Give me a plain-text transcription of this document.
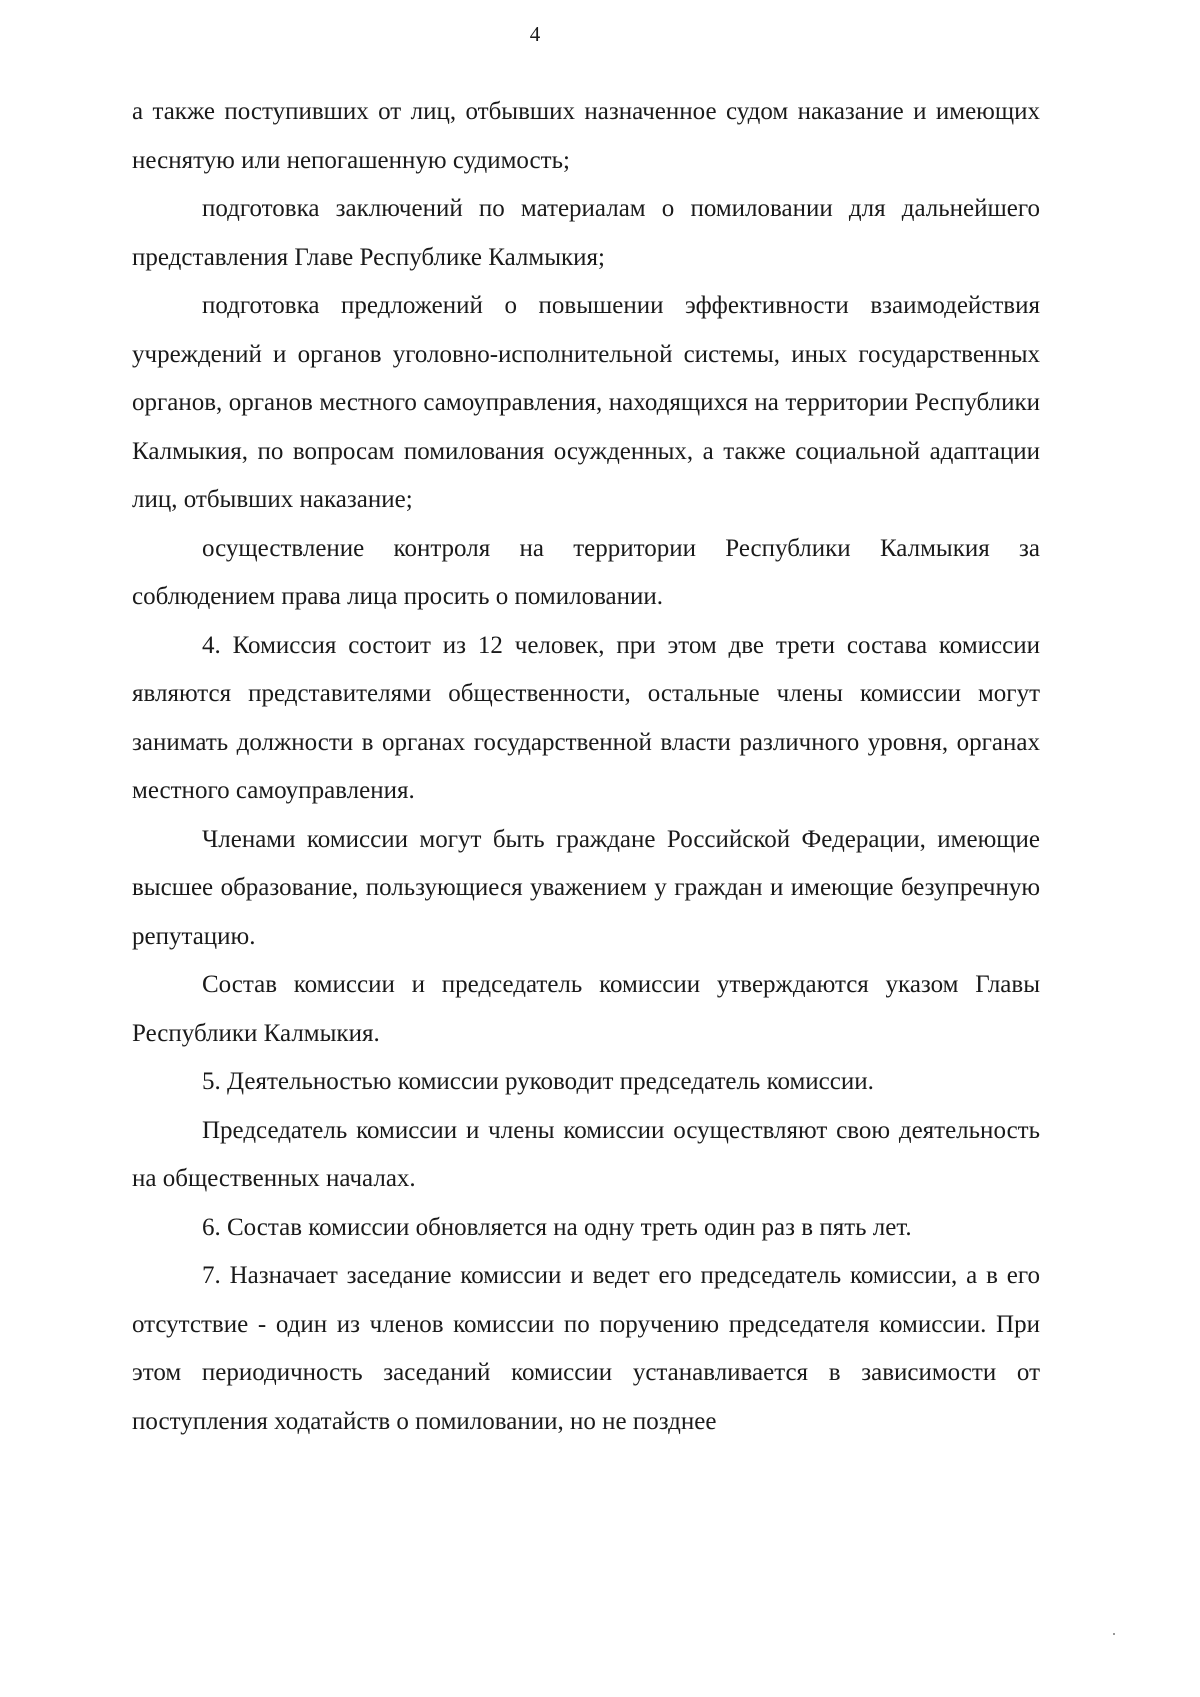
4

а также поступивших от лиц, отбывших назначенное судом наказание и имеющих неснятую или непогашенную судимость;

подготовка заключений по материалам о помиловании для дальнейшего представления Главе Республике Калмыкия;

подготовка предложений о повышении эффективности взаимодействия учреждений и органов уголовно-исполнительной системы, иных государственных органов, органов местного самоуправления, находящихся на территории Республики Калмыкия, по вопросам помилования осужденных, а также социальной адаптации лиц, отбывших наказание;

осуществление контроля на территории Республики Калмыкия за соблюдением права лица просить о помиловании.

4. Комиссия состоит из 12 человек, при этом две трети состава комиссии являются представителями общественности, остальные члены комиссии могут занимать должности в органах государственной власти различного уровня, органах местного самоуправления.

Членами комиссии могут быть граждане Российской Федерации, имеющие высшее образование, пользующиеся уважением у граждан и имеющие безупречную репутацию.

Состав комиссии и председатель комиссии утверждаются указом Главы Республики Калмыкия.

5. Деятельностью комиссии руководит председатель комиссии.

Председатель комиссии и члены комиссии осуществляют свою деятельность на общественных началах.

6. Состав комиссии обновляется на одну треть один раз в пять лет.

7. Назначает заседание комиссии и ведет его председатель комиссии, а в его отсутствие - один из членов комиссии по поручению председателя комиссии. При этом периодичность заседаний комиссии устанавливается в зависимости от поступления ходатайств о помиловании, но не позднее
